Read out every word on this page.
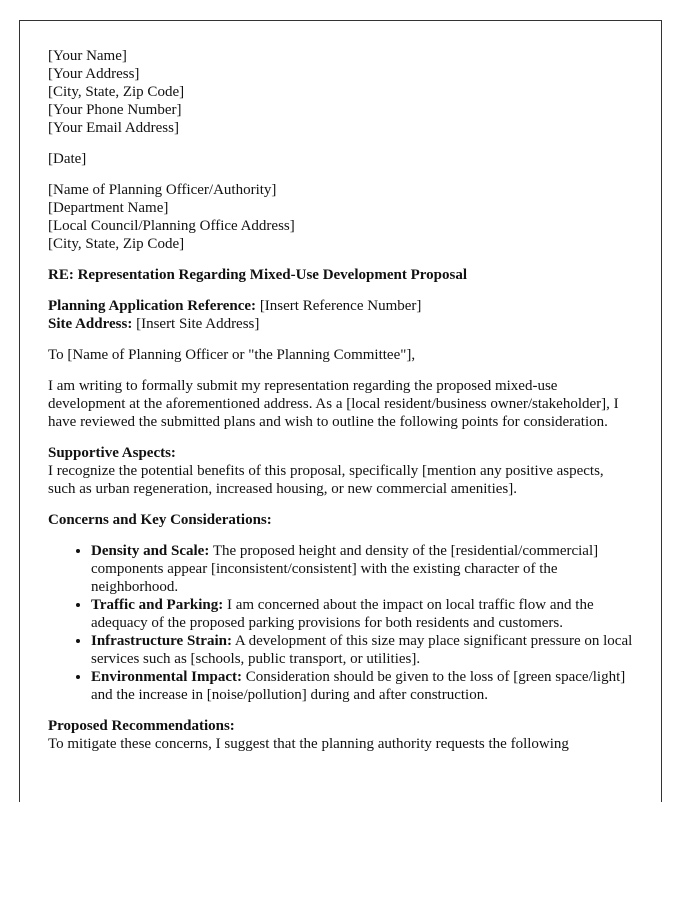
[Your Name]
[Your Address]
[City, State, Zip Code]
[Your Phone Number]
[Your Email Address]

[Date]

[Name of Planning Officer/Authority]
[Department Name]
[Local Council/Planning Office Address]
[City, State, Zip Code]

RE: Representation Regarding Mixed-Use Development Proposal

Planning Application Reference: [Insert Reference Number]
Site Address: [Insert Site Address]

To [Name of Planning Officer or "the Planning Committee"],

I am writing to formally submit my representation regarding the proposed mixed-use development at the aforementioned address. As a [local resident/business owner/stakeholder], I have reviewed the submitted plans and wish to outline the following points for consideration.

Supportive Aspects:
I recognize the potential benefits of this proposal, specifically [mention any positive aspects, such as urban regeneration, increased housing, or new commercial amenities].

Concerns and Key Considerations:

• Density and Scale: The proposed height and density of the [residential/commercial] components appear [inconsistent/consistent] with the existing character of the neighborhood.
• Traffic and Parking: I am concerned about the impact on local traffic flow and the adequacy of the proposed parking provisions for both residents and customers.
• Infrastructure Strain: A development of this size may place significant pressure on local services such as [schools, public transport, or utilities].
• Environmental Impact: Consideration should be given to the loss of [green space/light] and the increase in [noise/pollution] during and after construction.

Proposed Recommendations:
To mitigate these concerns, I suggest that the planning authority requests the following
